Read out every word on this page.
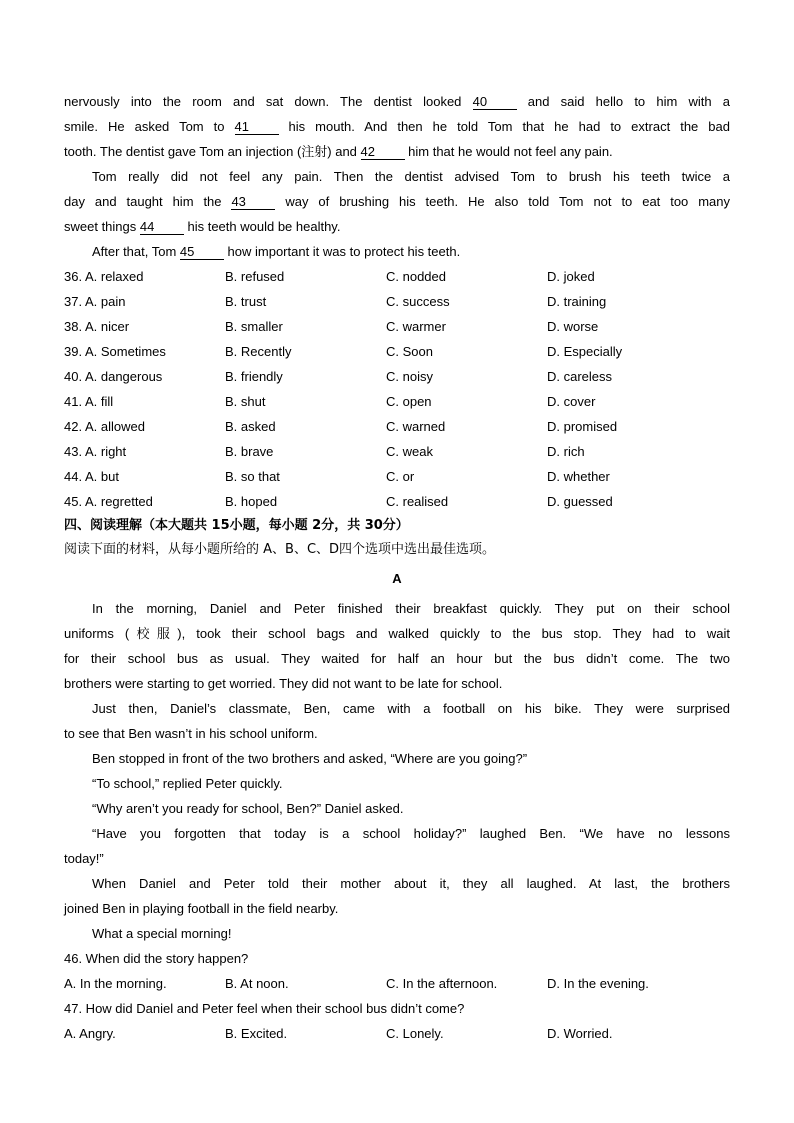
nervously into the room and sat down. The dentist looked 40 and said hello to him with a
smile. He asked Tom to 41 his mouth. And then he told Tom that he had to extract the bad
tooth. The dentist gave Tom an injection (注射) and 42 him that he would not feel any pain.
Tom really did not feel any pain. Then the dentist advised Tom to brush his teeth twice a
day and taught him the 43 way of brushing his teeth. He also told Tom not to eat too many
sweet things 44 his teeth would be healthy.
After that, Tom 45 how important it was to protect his teeth.
36. A. relaxed	B. refused	C. nodded	D. joked
37. A. pain	B. trust	C. success	D. training
38. A. nicer	B. smaller	C. warmer	D. worse
39. A. Sometimes	B. Recently	C. Soon	D. Especially
40. A. dangerous	B. friendly	C. noisy	D. careless
41. A. fill	B. shut	C. open	D. cover
42. A. allowed	B. asked	C. warned	D. promised
43. A. right	B. brave	C. weak	D. rich
44. A. but	B. so that	C. or	D. whether
45. A. regretted	B. hoped	C. realised	D. guessed
四、阅读理解（本大题共 15小题，每小题 2分，共 30分）
阅读下面的材料，从每小题所给的 A、B、C、D四个选项中选出最佳选项。
A
In the morning, Daniel and Peter finished their breakfast quickly. They put on their school
uniforms (校服), took their school bags and walked quickly to the bus stop. They had to wait
for their school bus as usual. They waited for half an hour but the bus didn’t come. The two
brothers were starting to get worried. They did not want to be late for school.
Just then, Daniel’s classmate, Ben, came with a football on his bike. They were surprised
to see that Ben wasn’t in his school uniform.
Ben stopped in front of the two brothers and asked, “Where are you going?”
“To school,” replied Peter quickly.
“Why aren’t you ready for school, Ben?” Daniel asked.
“Have you forgotten that today is a school holiday?” laughed Ben. “We have no lessons
today!”
When Daniel and Peter told their mother about it, they all laughed. At last, the brothers
joined Ben in playing football in the field nearby.
What a special morning!
46. When did the story happen?
A. In the morning.	B. At noon.	C. In the afternoon.	D. In the evening.
47. How did Daniel and Peter feel when their school bus didn’t come?
A. Angry.	B. Excited.	C. Lonely.	D. Worried.
